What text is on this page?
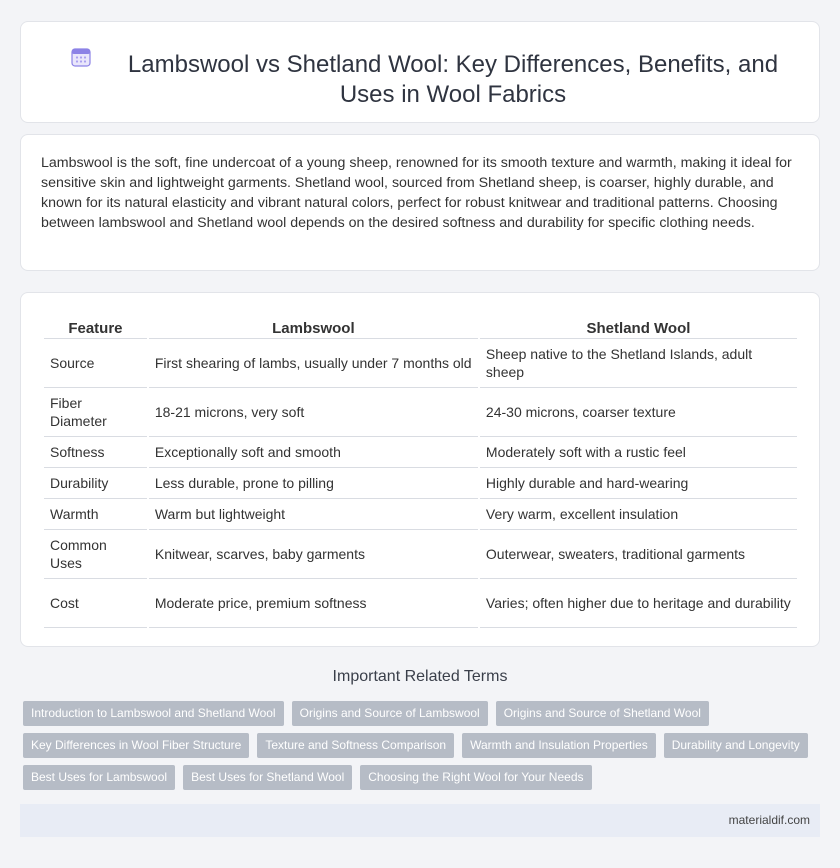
Lambswool vs Shetland Wool: Key Differences, Benefits, and Uses in Wool Fabrics

Lambswool is the soft, fine undercoat of a young sheep, renowned for its smooth texture and warmth, making it ideal for sensitive skin and lightweight garments. Shetland wool, sourced from Shetland sheep, is coarser, highly durable, and known for its natural elasticity and vibrant natural colors, perfect for robust knitwear and traditional patterns. Choosing between lambswool and Shetland wool depends on the desired softness and durability for specific clothing needs.

Feature	Lambswool	Shetland Wool
Source	First shearing of lambs, usually under 7 months old	Sheep native to the Shetland Islands, adult sheep
Fiber Diameter	18-21 microns, very soft	24-30 microns, coarser texture
Softness	Exceptionally soft and smooth	Moderately soft with a rustic feel
Durability	Less durable, prone to pilling	Highly durable and hard-wearing
Warmth	Warm but lightweight	Very warm, excellent insulation
Common Uses	Knitwear, scarves, baby garments	Outerwear, sweaters, traditional garments
Cost	Moderate price, premium softness	Varies; often higher due to heritage and durability
Important Related Terms
Introduction to Lambswool and Shetland Wool	Origins and Source of Lambswool	Origins and Source of Shetland Wool
Key Differences in Wool Fiber Structure	Texture and Softness Comparison	Warmth and Insulation Properties	Durability and Longevity
Best Uses for Lambswool	Best Uses for Shetland Wool	Choosing the Right Wool for Your Needs
materialdif.com
